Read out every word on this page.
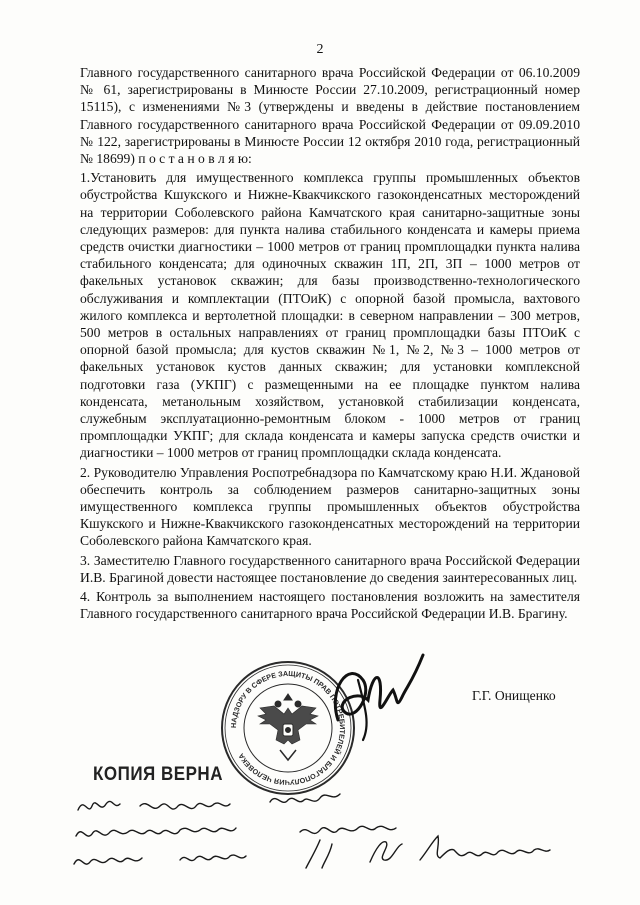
2

Главного государственного санитарного врача Российской Федерации от 06.10.2009 № 61, зарегистрированы в Минюсте России 27.10.2009, регистрационный номер 15115), с изменениями №3 (утверждены и введены в действие постановлением Главного государственного санитарного врача Российской Федерации от 09.09.2010 № 122, зарегистрированы в Минюсте России 12 октября 2010 года, регистрационный № 18699) п о с т а н о в л я ю:

1.Установить для имущественного комплекса группы промышленных объектов обустройства Кшукского и Нижне-Квакчикского газоконденсатных месторождений на территории Соболевского района Камчатского края санитарно-защитные зоны следующих размеров: для пункта налива стабильного конденсата и камеры приема средств очистки диагностики – 1000 метров от границ промплощадки пункта налива стабильного конденсата; для одиночных скважин 1П, 2П, 3П – 1000 метров от факельных установок скважин; для базы производственно-технологического обслуживания и комплектации (ПТОиК) с опорной базой промысла, вахтового жилого комплекса и вертолетной площадки: в северном направлении – 300 метров, 500 метров в остальных направлениях от границ промплощадки базы ПТОиК с опорной базой промысла; для кустов скважин №1, №2, №3 – 1000 метров от факельных установок кустов данных скважин; для установки комплексной подготовки газа (УКПГ) с размещенными на ее площадке пунктом налива конденсата, метанольным хозяйством, установкой стабилизации конденсата, служебным эксплуатационно-ремонтным блоком - 1000 метров от границ промплощадки УКПГ; для склада конденсата и камеры запуска средств очистки и диагностики – 1000 метров от границ промплощадки склада конденсата.

2. Руководителю Управления Роспотребнадзора по Камчатскому краю Н.И. Ждановой обеспечить контроль за соблюдением размеров санитарно-защитных зоны имущественного комплекса группы промышленных объектов обустройства Кшукского и Нижне-Квакчикского газоконденсатных месторождений на территории Соболевского района Камчатского края.

3. Заместителю Главного государственного санитарного врача Российской Федерации И.В. Брагиной довести настоящее постановление до сведения заинтересованных лиц.

4. Контроль за выполнением настоящего постановления возложить на заместителя Главного государственного санитарного врача Российской Федерации И.В. Брагину.

НАДЗОРУ В СФЕРЕ ЗАЩИТЫ ПРАВ ПОТРЕБИТЕЛЕЙ И БЛАГОПОЛУЧИЯ ЧЕЛОВЕКА
Г.Г. Онищенко
КОПИЯ ВЕРНА
